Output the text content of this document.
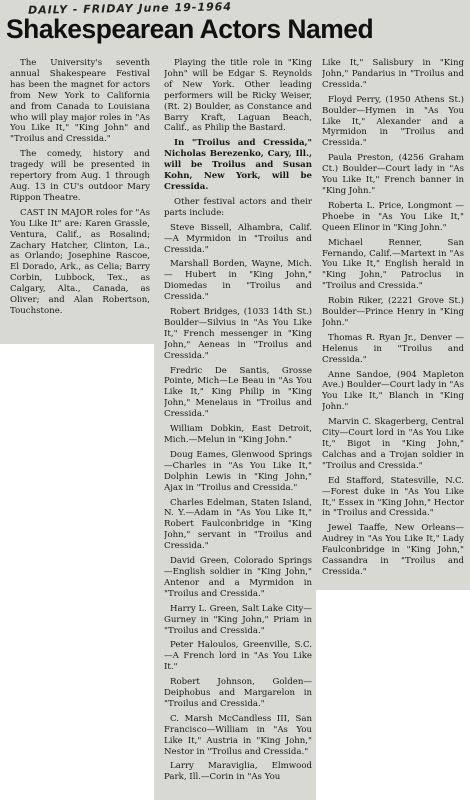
DAILY - FRIDAY June 19-1964
Shakespearean Actors Named

The University's seventh annual Shakespeare Festival has been the magnet for actors from New York to California and from Canada to Louisiana who will play major roles in "As You Like It," "King John" and "Troilus and Cressida."

The comedy, history and tragedy will be presented in repertory from Aug. 1 through Aug. 13 in CU's outdoor Mary Rippon Theatre.

CAST IN MAJOR roles for "As You Like It" are: Karen Grassle, Ventura, Calif., as Rosalind; Zachary Hatcher, Clinton, La., as Orlando; Josephine Rascoe, El Dorado, Ark., as Celia; Barry Corbin, Lubbock, Tex., as Calgary, Alta., Canada, as Oliver; and Alan Robertson, Touchstone.

Playing the title role in "King John" will be Edgar S. Reynolds of New York. Other leading performers will be Ricky Weiser, (Rt. 2) Boulder, as Constance and Barry Kraft, Laguan Beach, Calif., as Philip the Bastard.

In "Troilus and Cressida," Nicholas Berezenko, Cary, Ill., will be Troilus and Susan Kohn, New York, will be Cressida.

Other festival actors and their parts include:

Steve Bissell, Alhambra, Calif. —A Myrmidon in "Troilus and Cressida."

Marshall Borden, Wayne, Mich. — Hubert in "King John," Diomedas in "Troilus and Cressida."

Robert Bridges, (1033 14th St.) Boulder—Silvius in "As You Like It," French messenger in "King John," Aeneas in "Troilus and Cressida."

Fredric De Santis, Grosse Pointe, Mich—Le Beau in "As You Like It," King Philip in "King John," Menelaus in "Troilus and Cressida."

William Dobkin, East Detroit, Mich.—Melun in "King John."

Doug Eames, Glenwood Springs —Charles in "As You Like It," Dolphin Lewis in "King John," Ajax in "Troilus and Cressida."

Charles Edelman, Staten Island, N. Y.—Adam in "As You Like It," Robert Faulconbridge in "King John," servant in "Troilus and Cressida."

David Green, Colorado Springs —English soldier in "King John," Antenor and a Myrmidon in "Troilus and Cressida."

Harry L. Green, Salt Lake City—Gurney in "King John," Priam in "Troilus and Cressida."

Peter Haloulos, Greenville, S.C.—A French lord in "As You Like It."

Robert Johnson, Golden—Deiphobus and Margarelon in "Troilus and Cressida."

C. Marsh McCandless III, San Francisco—William in "As You Like It," Austria in "King John," Nestor in "Troilus and Cressida."

Larry Maraviglia, Elmwood Park, Ill.—Corin in "As You

Like It," Salisbury in "King John," Pandarius in "Troilus and Cressida."

Floyd Perry, (1950 Athens St.) Boulder—Hymen in "As You Like It," Alexander and a Myrmidon in "Troilus and Cressida."

Paula Preston, (4256 Graham Ct.) Boulder—Court lady in "As You Like It," French banner in "King John."

Roberta L. Price, Longmont —Phoebe in "As You Like It," Queen Elinor in "King John."

Michael Renner, San Fernando, Calif.—Martext in "As You Like It," English herald in "King John," Patroclus in "Troilus and Cressida."

Robin Riker, (2221 Grove St.) Boulder—Prince Henry in "King John."

Thomas R. Ryan Jr., Denver —Helenus in "Troilus and Cressida."

Anne Sandoe, (904 Mapleton Ave.) Boulder—Court lady in "As You Like It," Blanch in "King John."

Marvin C. Skagerberg, Central City—Court lord in "As You Like It," Bigot in "King John," Calchas and a Trojan soldier in "Troilus and Cressida."

Ed Stafford, Statesville, N.C. —Forest duke in "As You Like It," Essex in "King John," Hector in "Troilus and Cressida."

Jewel Taaffe, New Orleans—Audrey in "As You Like It," Lady Faulconbridge in "King John," Cassandra in "Troilus and Cressida."
